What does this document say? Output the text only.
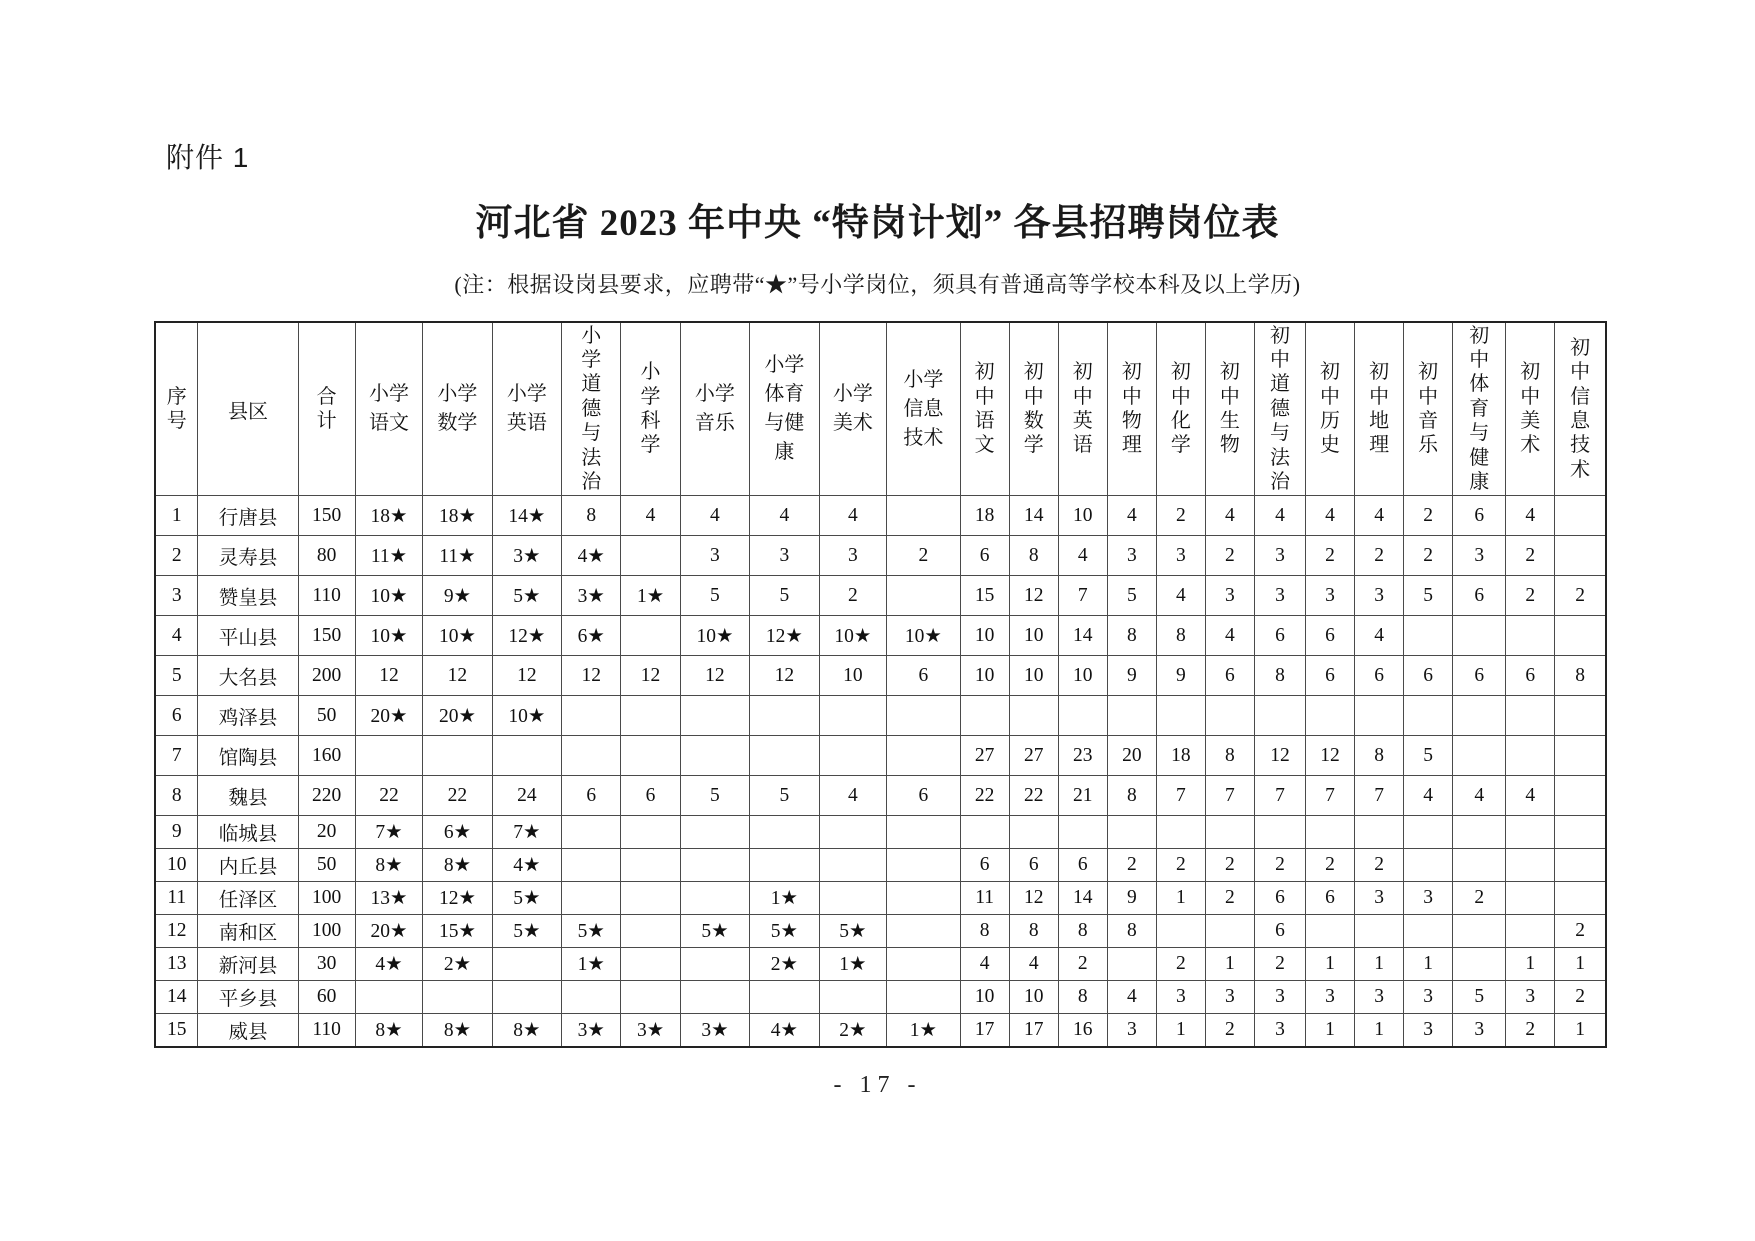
附件 1
河北省 2023 年中央 “特岗计划” 各县招聘岗位表
(注：根据设岗县要求，应聘带“★”号小学岗位，须具有普通高等学校本科及以上学历)
序号	县区	合计	小学语文	小学数学	小学英语	小学道德与法治	小学科学	小学音乐	小学体育与健康	小学美术	小学信息技术	初中语文	初中数学	初中英语	初中物理	初中化学	初中生物	初中道德与法治	初中历史	初中地理	初中音乐	初中体育与健康	初中美术	初中信息技术
1	行唐县	150	18★	18★	14★	8	4	4	4	4		18	14	10	4	2	4	4	4	4	2	6	4	
2	灵寿县	80	11★	11★	3★	4★		3	3	3	2	6	8	4	3	3	2	3	2	2	2	3	2	
3	赞皇县	110	10★	9★	5★	3★	1★	5	5	2		15	12	7	5	4	3	3	3	3	5	6	2	2
4	平山县	150	10★	10★	12★	6★		10★	12★	10★	10★	10	10	14	8	8	4	6	6	4				
5	大名县	200	12	12	12	12	12	12	12	10	6	10	10	10	9	9	6	8	6	6	6	6	6	8
6	鸡泽县	50	20★	20★	10★																			
7	馆陶县	160										27	27	23	20	18	8	12	12	8	5			
8	魏县	220	22	22	24	6	6	5	5	4	6	22	22	21	8	7	7	7	7	7	4	4	4	
9	临城县	20	7★	6★	7★																			
10	内丘县	50	8★	8★	4★							6	6	6	2	2	2	2	2	2				
11	任泽区	100	13★	12★	5★				1★			11	12	14	9	1	2	6	6	3	3	2		
12	南和区	100	20★	15★	5★	5★		5★	5★	5★		8	8	8	8			6						2
13	新河县	30	4★	2★		1★			2★	1★		4	4	2		2	1	2	1	1	1		1	1
14	平乡县	60										10	10	8	4	3	3	3	3	3	3	5	3	2
15	威县	110	8★	8★	8★	3★	3★	3★	4★	2★	1★	17	17	16	3	1	2	3	1	1	3	3	2	1
- 17 -
